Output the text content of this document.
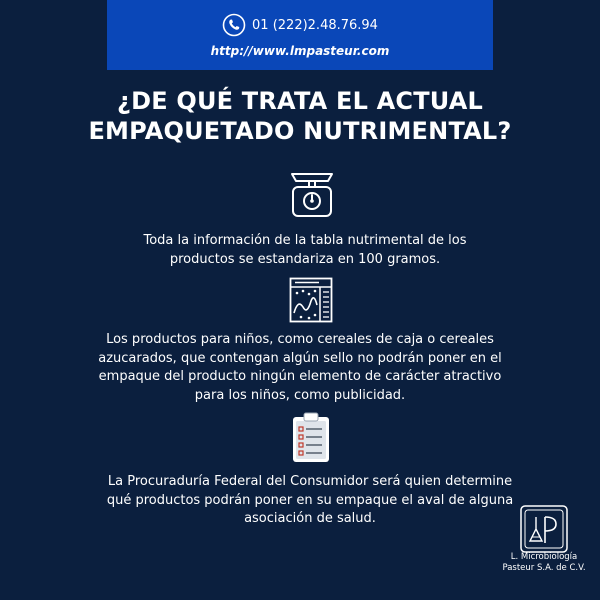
01 (222)2.48.76.94
http://www.lmpasteur.com
¿DE QUÉ TRATA EL ACTUAL
EMPAQUETADO NUTRIMENTAL?
Toda la información de la tabla nutrimental de los
productos se estandariza en 100 gramos.
Los productos para niños, como cereales de caja o cereales
azucarados, que contengan algún sello no podrán poner en el
empaque del producto ningún elemento de carácter atractivo
para los niños, como publicidad.
La Procuraduría Federal del Consumidor será quien determine
qué productos podrán poner en su empaque el aval de alguna
asociación de salud.
L. Microbiología
Pasteur S.A. de C.V.
